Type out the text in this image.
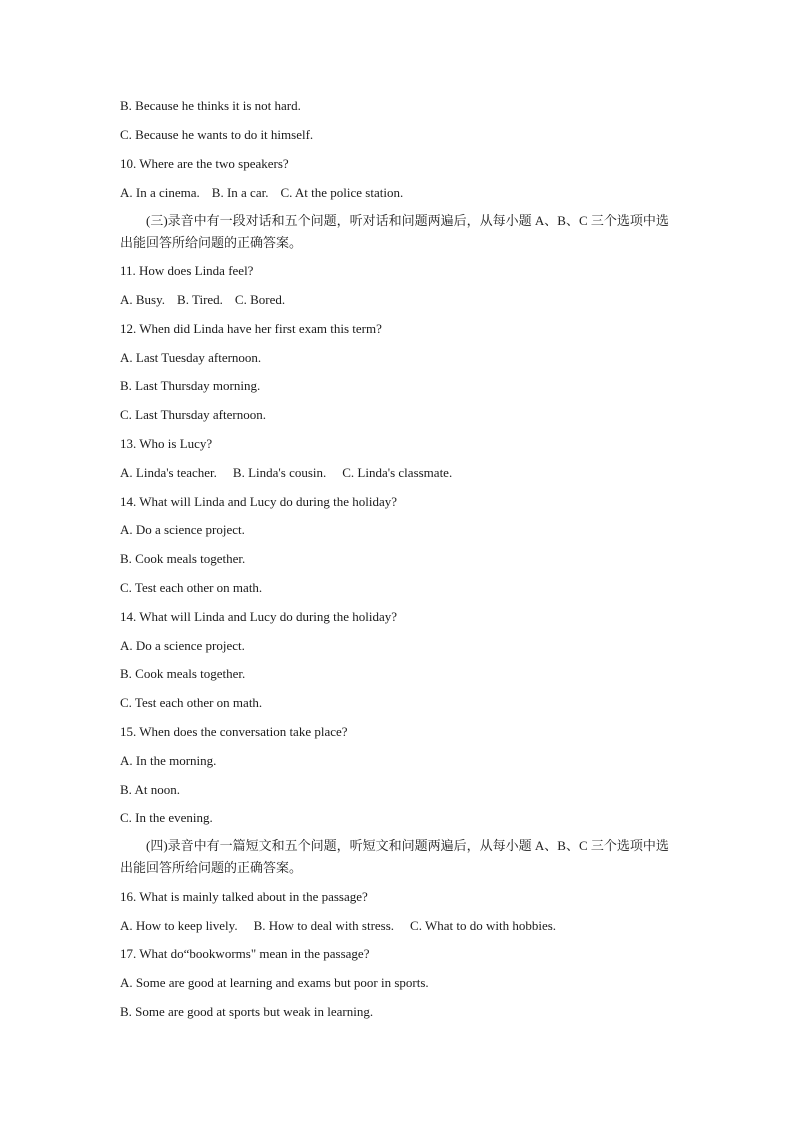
B. Because he thinks it is not hard.
C. Because he wants to do it himself.
10. Where are the two speakers?
A. In a cinema. B. In a car. C. At the police station.
(三)录音中有一段对话和五个问题，听对话和问题两遍后，从每小题 A、B、C 三个选项中选出能回答所给问题的正确答案。
11. How does Linda feel?
A. Busy. B. Tired. C. Bored.
12. When did Linda have her first exam this term?
A. Last Tuesday afternoon.
B. Last Thursday morning.
C. Last Thursday afternoon.
13. Who is Lucy?
A. Linda's teacher. B. Linda's cousin. C. Linda's classmate.
14. What will Linda and Lucy do during the holiday?
A. Do a science project.
B. Cook meals together.
C. Test each other on math.
14. What will Linda and Lucy do during the holiday?
A. Do a science project.
B. Cook meals together.
C. Test each other on math.
15. When does the conversation take place?
A. In the morning.
B. At noon.
C. In the evening.
(四)录音中有一篇短文和五个问题，听短文和问题两遍后，从每小题 A、B、C 三个选项中选出能回答所给问题的正确答案。
16. What is mainly talked about in the passage?
A. How to keep lively. B. How to deal with stress. C. What to do with hobbies.
17. What do“bookworms" mean in the passage?
A. Some are good at learning and exams but poor in sports.
B. Some are good at sports but weak in learning.
